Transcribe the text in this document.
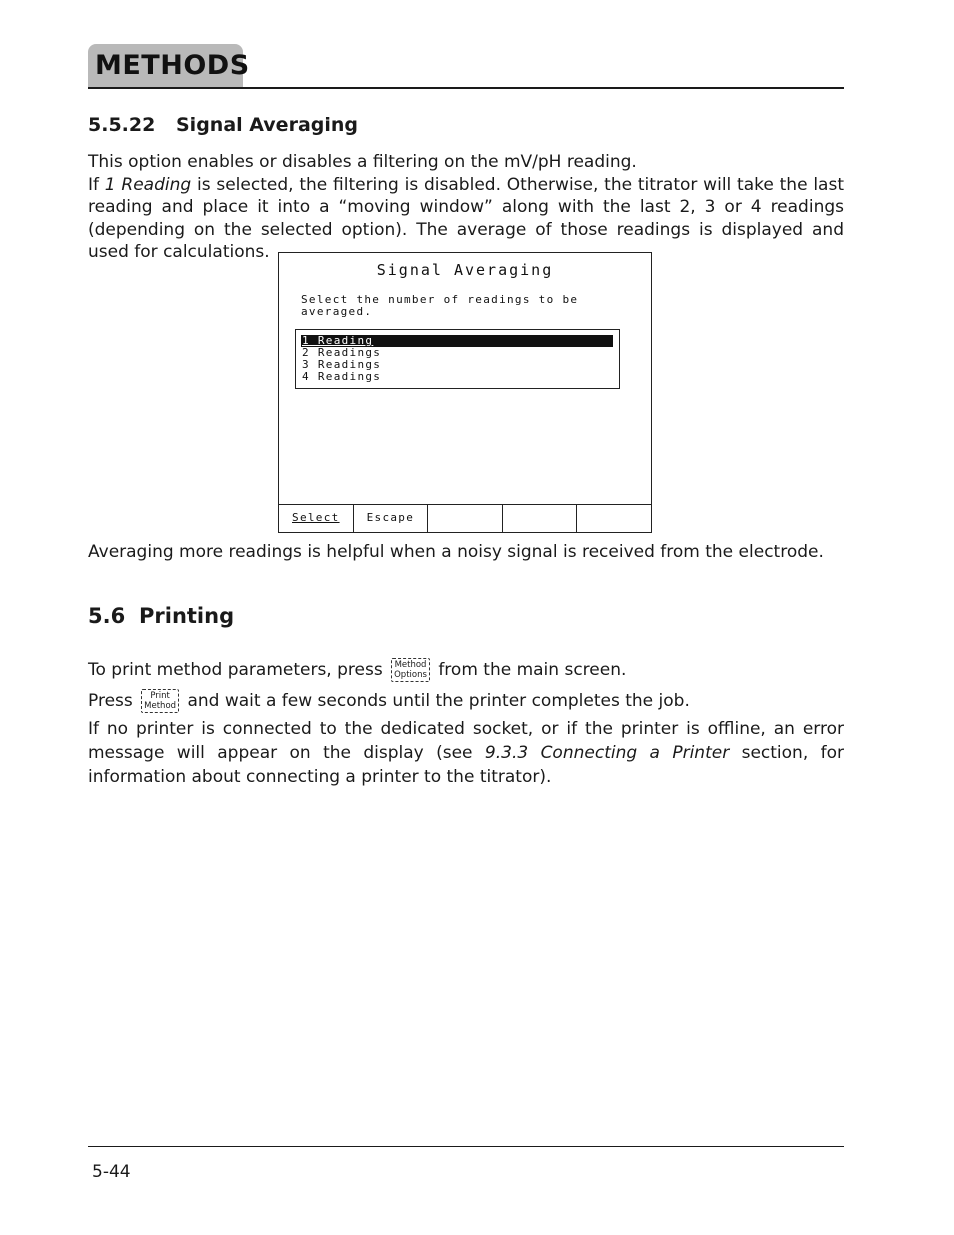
METHODS
5.5.22 Signal Averaging
This option enables or disables a filtering on the mV/pH reading.
If 1 Reading is selected, the filtering is disabled. Otherwise, the titrator will take the last reading and place it into a “moving window” along with the last 2, 3 or 4 readings (depending on the selected option). The average of those readings is displayed and used for calculations.
Signal Averaging
Select the number of readings to be
averaged.
1 Reading
2 Readings
3 Readings
4 Readings
Select	Escape
Averaging more readings is helpful when a noisy signal is received from the electrode.
5.6 Printing
To print method parameters, press Method
Options from the main screen.
Press	Print
Method and wait a few seconds until the printer completes the job.
If no printer is connected to the dedicated socket, or if the printer is offline, an error message will appear on the display (see 9.3.3 Connecting a Printer section, for information about connecting a printer to the titrator).
5-44
